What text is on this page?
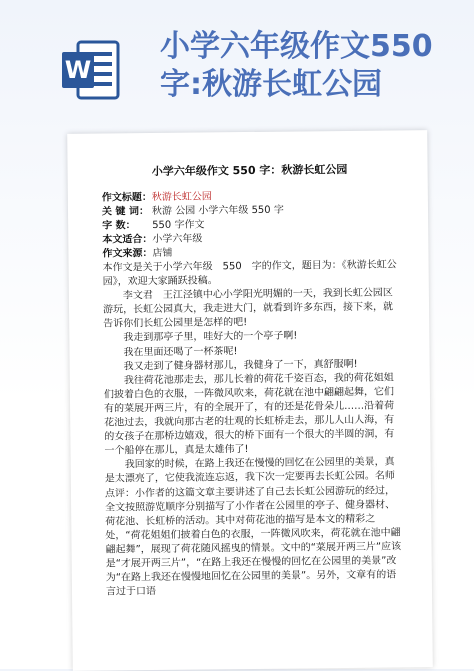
W
小学六年级作文550字:秋游长虹公园
小学六年级作文 550 字：秋游长虹公园
作文标题：秋游长虹公园
关 键 词： 秋游 公园 小学六年级 550 字
字 数： 550 字作文
本文适合：小学六年级
作文来源：店铺

本作文是关于小学六年级　550　字的作文，题目为：《秋游长虹公园》，欢迎大家踊跃投稿。

李文君　王江泾镇中心小学阳光明媚的一天，我到长虹公园区游玩，长虹公园真大，我走进大门，就看到许多东西，接下来，就告诉你们长虹公园里是怎样的吧!

我走到那亭子里，哇好大的一个亭子啊!

我在里面还喝了一杯茶呢!

我又走到了健身器材那儿，我健身了一下，真舒服啊!

我往荷花池那走去，那儿长着的荷花千姿百态，我的荷花姐姐们披着白色的衣服，一阵微风吹来，荷花就在池中翩翩起舞，它们有的菜展开两三片，有的全展开了，有的还是花骨朵儿……沿着荷花池过去，我就向那古老的壮观的长虹桥走去，那儿人山人海，有的女孩子在那桥边嬉戏，很大的桥下面有一个很大的半圆的洞，有一个船停在那儿，真是太雄伟了!

我回家的时候，在路上我还在慢慢的回忆在公园里的美景，真是太漂亮了，它使我流连忘返，我下次一定要再去长虹公园。名师点评：小作者的这篇文章主要讲述了自己去长虹公园游玩的经过，全文按照游览顺序分别描写了小作者在公园里的亭子、健身器材、荷花池、长虹桥的活动。其中对荷花池的描写是本文的精彩之处，“荷花姐姐们披着白色的衣服，一阵微风吹来，荷花就在池中翩翩起舞”，展现了荷花随风摇曳的情景。文中的“菜展开两三片”应该是“才展开两三片”，“在路上我还在慢慢的回忆在公园里的美景”改为“在路上我还在慢慢地回忆在公园里的美景”。另外，文章有的语言过于口语
